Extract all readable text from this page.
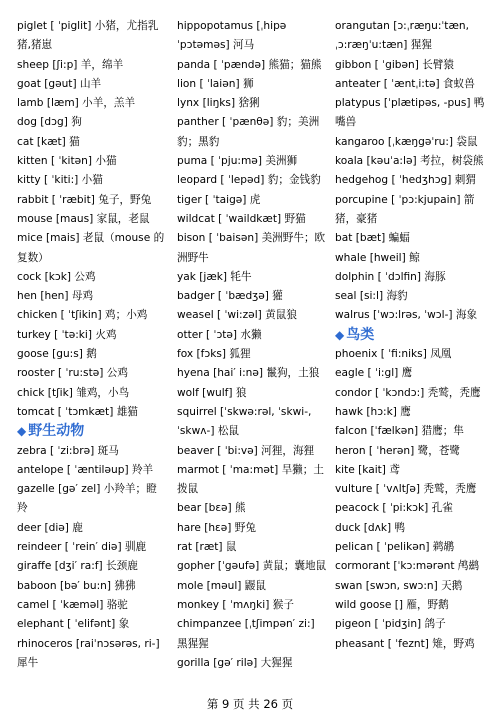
piglet [ ˈpiglit] 小猪，尤指乳猪,猪崽
sheep [ʃi:p] 羊，绵羊
goat [gəut] 山羊
lamb [læm] 小羊，羔羊
dog [dɔg] 狗
cat [kæt] 猫
kitten [ ˈkitən] 小猫
kitty [ ˈkiti:] 小猫
rabbit [ ˈræbit] 兔子，野兔
mouse [maus] 家鼠，老鼠
mice [mais] 老鼠（mouse 的复数）
cock [kɔk] 公鸡
hen [hen] 母鸡
chicken [ ˈtʃikin] 鸡；小鸡
turkey [ ˈtə:ki] 火鸡
goose [gu:s] 鹅
rooster [ ˈru:stə] 公鸡
chick [tʃik] 雏鸡，小鸟
tomcat [ ˈtɔmkæt] 雄猫
◆ 野生动物
zebra [ ˈzi:brə] 斑马
antelope [ ˈæntiləup] 羚羊
gazelle [gə′ zel] 小羚羊；瞪羚
deer [diə] 鹿
reindeer [ ˈrein′ diə] 驯鹿
giraffe [dʒi′ ra:f] 长颈鹿
baboon [bə′ bu:n] 狒狒
camel [ ˈkæməl] 骆驼
elephant [ ˈelifənt] 象
rhinoceros [raiˈnɔsərəs, ri-] 犀牛
hippopotamus [ˌhipəˈpɔtəməs] 河马
panda [ ˈpændə] 熊猫；猫熊
lion [ ˈlaiən] 狮
lynx [liŋks] 猞猁
panther [ ˈpænθə] 豹；美洲豹；黑豹
puma [ ˈpju:mə] 美洲狮
leopard [ ˈlepəd] 豹；金钱豹
tiger [ ˈtaigə] 虎
wildcat [ ˈwaildkæt] 野猫
bison [ ˈbaisən] 美洲野牛；欧洲野牛
yak [jæk] 牦牛
badger [ ˈbædʒə] 獾
weasel [ ˈwi:zəl] 黄鼠狼
otter [ ˈɔtə] 水獭
fox [fɔks] 狐狸
hyena [hai′ i:nə] 鬣狗，土狼
wolf [wulf] 狼
squirrel [ˈskwə:rəl, ˈskwi-, ˈskwʌ-] 松鼠
beaver [ ˈbi:və] 河狸，海狸
marmot [ ˈma:mət] 旱獭；土拨鼠
bear [bεə] 熊
hare [hεə] 野兔
rat [ræt] 鼠
gopher [ˈgəufə] 黄鼠；囊地鼠
mole [məul] 鼹鼠
monkey [ ˈmʌŋki] 猴子
chimpanzee [ˌtʃimpən′ zi:] 黑猩猩
gorilla [gə′ rilə] 大猩猩
orangutan [ɔ:ˌræŋu:ˈtæn, ˌɔ:ræŋˈu:tæn] 猩猩
gibbon [ ˈgibən] 长臂猿
anteater [ ˈæntˌi:tə] 食蚁兽
platypus [ˈplætipəs, -pus] 鸭嘴兽
kangaroo [ˌkæŋgəˈru:] 袋鼠
koala [kəuˈa:lə] 考拉，树袋熊
hedgehog [ ˈhedʒhɔg] 刺猬
porcupine [ ˈpɔ:kjupain] 箭猪，豪猪
bat [bæt] 蝙蝠
whale [hweil] 鲸
dolphin [ ˈdɔlfin] 海豚
seal [si:l] 海豹
walrus [ˈwɔ:lrəs, ˈwɔl-] 海象
◆ 鸟类
phoenix [ ˈfi:niks] 凤凰
eagle [ ˈi:gl] 鹰
condor [ ˈkɔndɔ:] 秃鹫，秃鹰
hawk [hɔ:k] 鹰
falcon [ˈfælkən] 猎鹰；隼
heron [ ˈherən] 鹭，苍鹭
kite [kait] 鸢
vulture [ ˈvʌltʃə] 秃鹫，秃鹰
peacock [ ˈpi:kɔk] 孔雀
duck [dʌk] 鸭
pelican [ ˈpelikən] 鹈鹕
cormorant [ˈkɔ:mərənt 鸬鹚
swan [swɔn, swɔ:n] 天鹅
wild goose [] 雁，野鹅
pigeon [ ˈpidʒin] 鸽子
pheasant [ ˈfeznt] 雉，野鸡
第 9 页 共 26 页
